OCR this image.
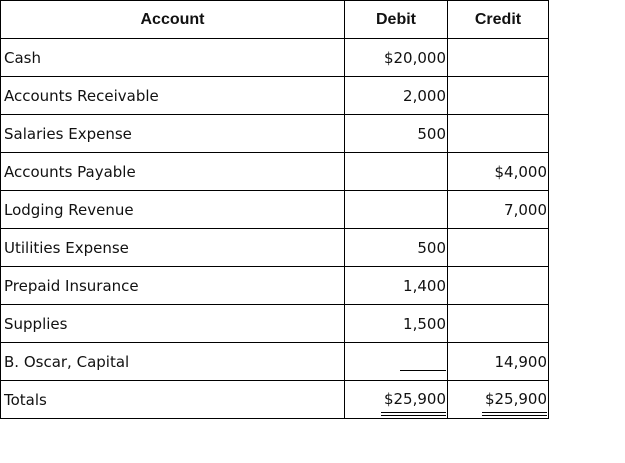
Account	Debit	Credit
Cash	$20,000	
Accounts Receivable	2,000	
Salaries Expense	500	
Accounts Payable		$4,000
Lodging Revenue		7,000
Utilities Expense	500	
Prepaid Insurance	1,400	
Supplies	1,500	
B. Oscar, Capital		14,900
Totals	$25,900	$25,900
